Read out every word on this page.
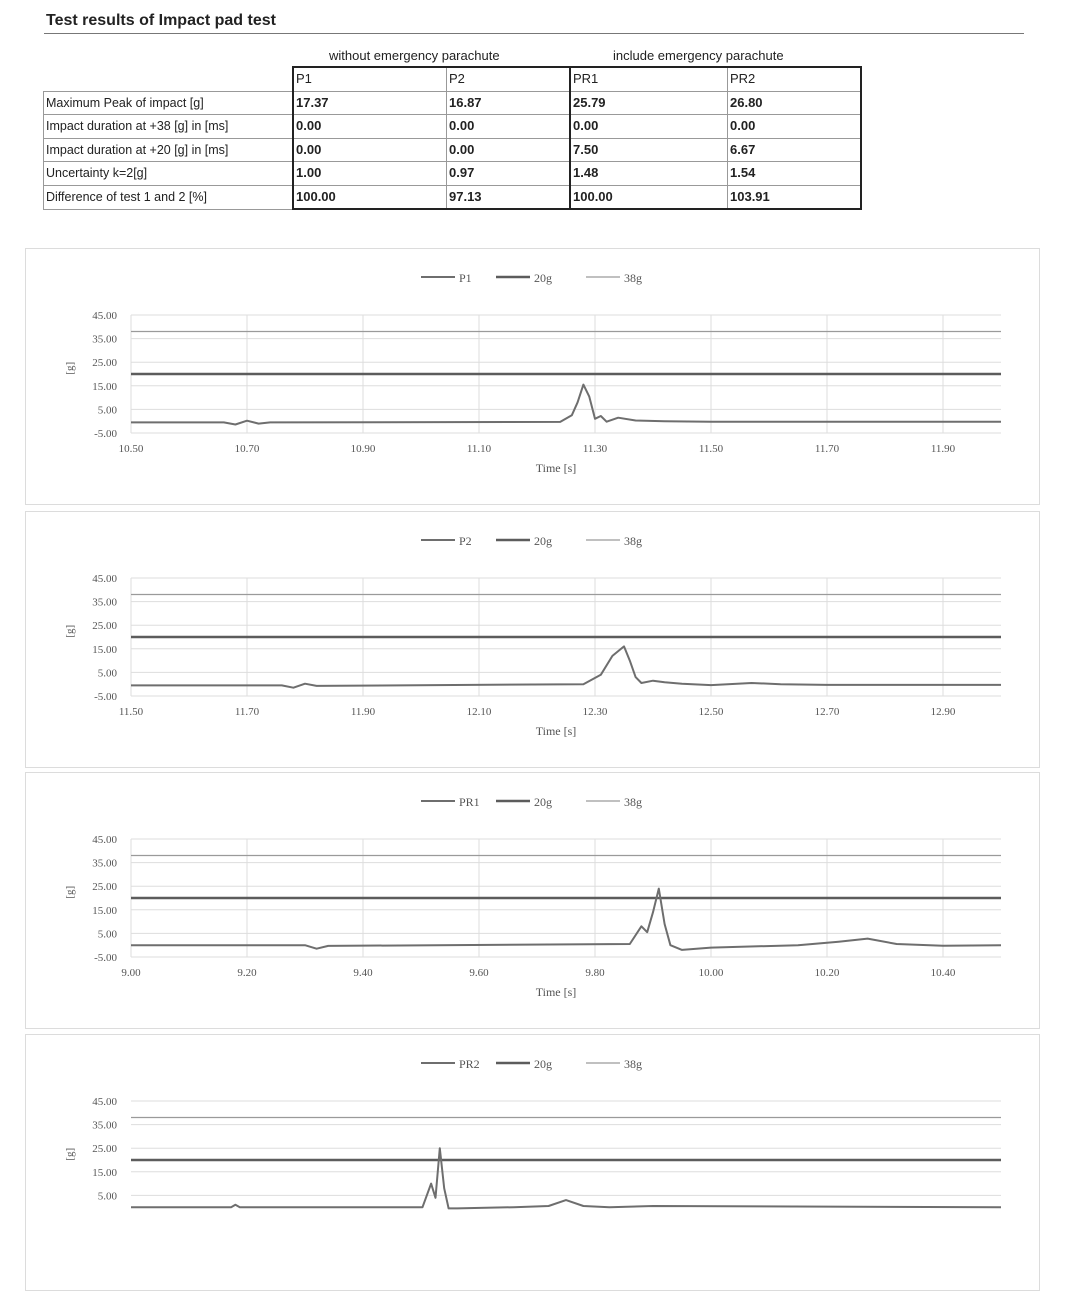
Test results of Impact pad test
without emergency parachute	include emergency parachute
	P1	P2	PR1	PR2
Maximum Peak of impact [g]	17.37	16.87	25.79	26.80
Impact duration at +38 [g] in [ms]	0.00	0.00	0.00	0.00
Impact duration at +20 [g] in [ms]	0.00	0.00	7.50	6.67
Uncertainty k=2[g]	1.00	0.97	1.48	1.54
Difference of test 1 and 2 [%]	100.00	97.13	100.00	103.91
P1	20g	38g
45.00
35.00
25.00
15.00
5.00
-5.00
10.50	10.70	10.90	11.10	11.30	11.50	11.70	11.90
[g]
Time [s]
P2	20g	38g
45.00
35.00
25.00
15.00
5.00
-5.00
11.50	11.70	11.90	12.10	12.30	12.50	12.70	12.90
[g]
Time [s]
PR1	20g	38g
45.00
35.00
25.00
15.00
5.00
-5.00
9.00	9.20	9.40	9.60	9.80	10.00	10.20	10.40
[g]
Time [s]
PR2	20g	38g
45.00
35.00
25.00
15.00
5.00
[g]
